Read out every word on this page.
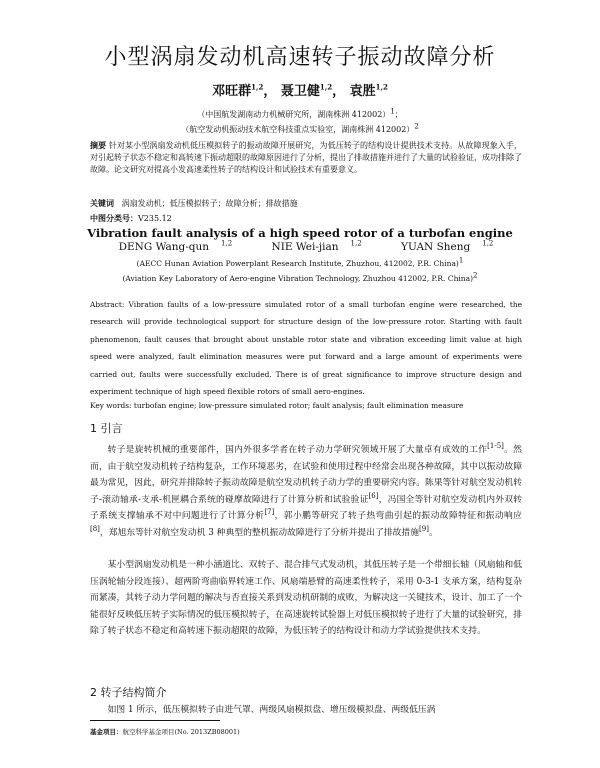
小型涡扇发动机高速转子振动故障分析
邓旺群$^{1,2}$， 聂卫健$^{1,2}$， 袁胜$^{1,2}$
（中国航发湖南动力机械研究所，湖南株洲 412002）$^1$；
（航空发动机振动技术航空科技重点实验室，湖南株洲 412002）$^2$
摘要 针对某小型涡扇发动机低压模拟转子的振动故障开展研究，为低压转子的结构设计提供技术支持。从故障现象入手，对引起转子状态不稳定和高转速下振动超限的故障原因进行了分析，提出了排故措施并进行了大量的试验验证，成功排除了故障。论文研究对提高小发高速柔性转子的结构设计和试验技术有重要意义。
关键词 涡扇发动机；低压模拟转子；故障分析；排故措施
中图分类号：V235.12
Vibration fault analysis of a high speed rotor of a turbofan engine
DENG Wang-qun $^{1,2}$	NIE Wei-jian $^{1,2}$	YUAN Sheng $^{1,2}$
(AECC Hunan Aviation Powerplant Research Institute, Zhuzhou, 412002, P.R. China)$^1$
(Aviation Key Laboratory of Aero-engine Vibration Technology, Zhuzhou 412002, P.R. China)$^2$
Abstract: Vibration faults of a low-pressure simulated rotor of a small turbofan engine were researched, the research will provide technological support for structure design of the low-pressure rotor. Starting with fault phenomenon, fault causes that brought about unstable rotor state and vibration exceeding limit value at high speed were analyzed, fault elimination measures were put forward and a large amount of experiments were carried out, faults were successfully excluded. There is of great significance to improve structure design and experiment technique of high speed flexible rotors of small aero-engines.
Key words: turbofan engine; low-pressure simulated rotor; fault analysis; fault elimination measure
1 引言

转子是旋转机械的重要部件，国内外很多学者在转子动力学研究领域开展了大量卓有成效的工作[1-5]。然而，由于航空发动机转子结构复杂，工作环境恶劣，在试验和使用过程中经常会出现各种故障，其中以振动故障最为常见，因此，研究并排除转子振动故障是航空发动机转子动力学的重要研究内容。陈果等针对航空发动机转子-滚动轴承-支承-机匣耦合系统的碰摩故障进行了计算分析和试验验证[6]，冯国全等针对航空发动机内外双转子系统支撑轴承不对中问题进行了计算分析[7]，郭小鹏等研究了转子热弯曲引起的振动故障特征和振动响应[8]，郑旭东等针对航空发动机 3 种典型的整机振动故障进行了分析并提出了排故措施[9]。

某小型涡扇发动机是一种小涵道比、双转子、混合排气式发动机，其低压转子是一个带细长轴（风扇轴和低压涡轮轴分段连接）、超两阶弯曲临界转速工作、风扇端悬臂的高速柔性转子，采用 0-3-1 支承方案，结构复杂而紧凑，其转子动力学问题的解决与否直接关系到发动机研制的成败，为解决这一关键技术，设计、加工了一个能很好反映低压转子实际情况的低压模拟转子，在高速旋转试验器上对低压模拟转子进行了大量的试验研究，排除了转子状态不稳定和高转速下振动超限的故障，为低压转子的结构设计和动力学试验提供技术支持。

2 转子结构简介

如图 1 所示，低压模拟转子由进气罩、两级风扇模拟盘、增压级模拟盘、两级低压涡

基金项目：航空科学基金项目(No. 2013ZB08001)
